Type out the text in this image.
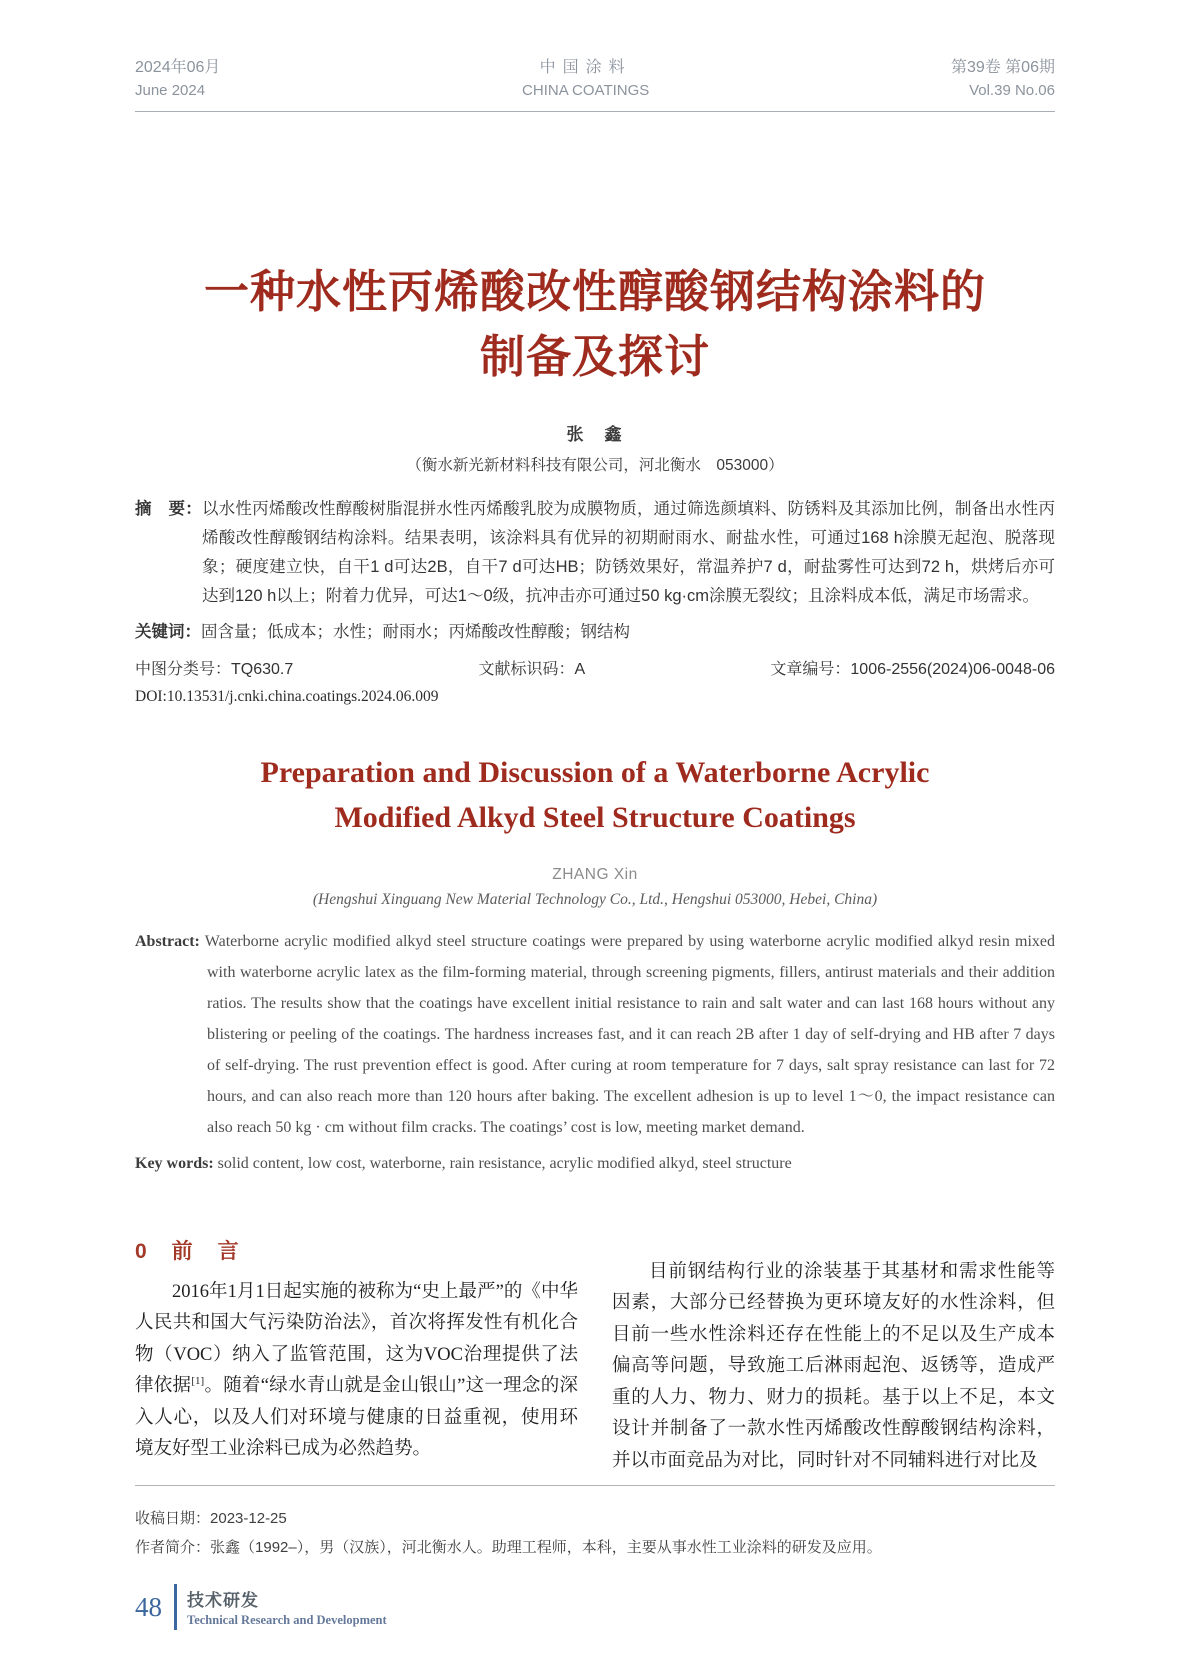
2024年06月
June 2024
中国涂料
CHINA COATINGS
第39卷 第06期
Vol.39 No.06
一种水性丙烯酸改性醇酸钢结构涂料的
制备及探讨
张　鑫
（衡水新光新材料科技有限公司，河北衡水　053000）
摘　要：以水性丙烯酸改性醇酸树脂混拼水性丙烯酸乳胶为成膜物质，通过筛选颜填料、防锈料及其添加比例，制备出水性丙烯酸改性醇酸钢结构涂料。结果表明，该涂料具有优异的初期耐雨水、耐盐水性，可通过168 h涂膜无起泡、脱落现象；硬度建立快，自干1 d可达2B，自干7 d可达HB；防锈效果好，常温养护7 d，耐盐雾性可达到72 h，烘烤后亦可达到120 h以上；附着力优异，可达1～0级，抗冲击亦可通过50 kg·cm涂膜无裂纹；且涂料成本低，满足市场需求。
关键词：固含量；低成本；水性；耐雨水；丙烯酸改性醇酸；钢结构
中图分类号：TQ630.7	文献标识码：A	文章编号：1006-2556(2024)06-0048-06
DOI:10.13531/j.cnki.china.coatings.2024.06.009
Preparation and Discussion of a Waterborne Acrylic
Modified Alkyd Steel Structure Coatings
ZHANG Xin
(Hengshui Xinguang New Material Technology Co., Ltd., Hengshui 053000, Hebei, China)
Abstract: Waterborne acrylic modified alkyd steel structure coatings were prepared by using waterborne acrylic modified alkyd resin mixed with waterborne acrylic latex as the film-forming material, through screening pigments, fillers, antirust materials and their addition ratios. The results show that the coatings have excellent initial resistance to rain and salt water and can last 168 hours without any blistering or peeling of the coatings. The hardness increases fast, and it can reach 2B after 1 day of self-drying and HB after 7 days of self-drying. The rust prevention effect is good. After curing at room temperature for 7 days, salt spray resistance can last for 72 hours, and can also reach more than 120 hours after baking. The excellent adhesion is up to level 1～0, the impact resistance can also reach 50 kg · cm without film cracks. The coatings’ cost is low, meeting market demand.
Key words: solid content, low cost, waterborne, rain resistance, acrylic modified alkyd, steel structure
0　前　言

2016年1月1日起实施的被称为“史上最严”的《中华人民共和国大气污染防治法》，首次将挥发性有机化合物（VOC）纳入了监管范围，这为VOC治理提供了法律依据[1]。随着“绿水青山就是金山银山”这一理念的深入人心，以及人们对环境与健康的日益重视，使用环境友好型工业涂料已成为必然趋势。

目前钢结构行业的涂装基于其基材和需求性能等因素，大部分已经替换为更环境友好的水性涂料，但目前一些水性涂料还存在性能上的不足以及生产成本偏高等问题，导致施工后淋雨起泡、返锈等，造成严重的人力、物力、财力的损耗。基于以上不足，本文设计并制备了一款水性丙烯酸改性醇酸钢结构涂料，并以市面竞品为对比，同时针对不同辅料进行对比及

收稿日期：2023-12-25
作者简介：张鑫（1992–），男（汉族），河北衡水人。助理工程师，本科，主要从事水性工业涂料的研发及应用。
48 技术研发
Technical Research and Development
